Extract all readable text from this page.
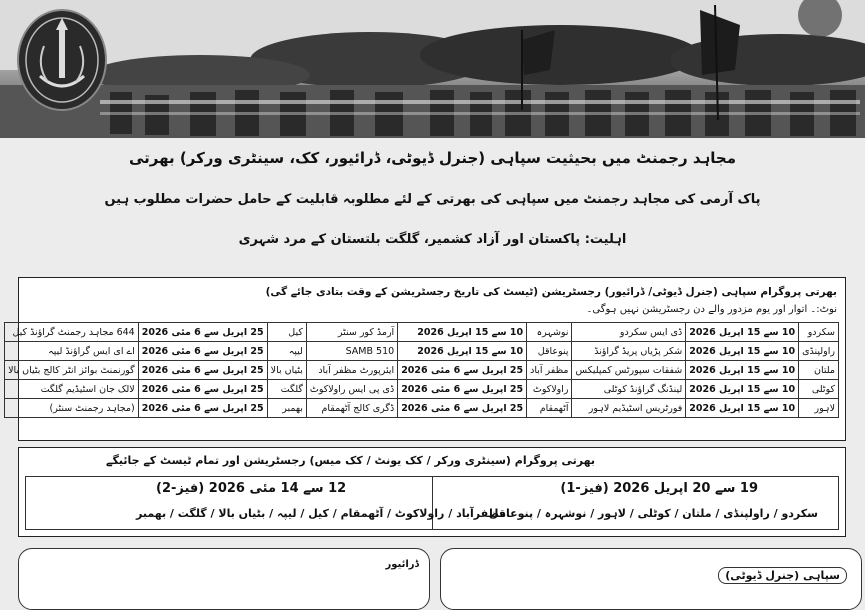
مجاہد رجمنٹ میں بحیثیت سپاہی (جنرل ڈیوٹی، ڈرائیور، کک، سینٹری ورکر) بھرتی
پاک آرمی کی مجاہد رجمنٹ میں سپاہی کی بھرتی کے لئے مطلوبہ قابلیت کے حامل حضرات مطلوب ہیں
اہلیت: پاکستان اور آزاد کشمیر، گلگت بلتستان کے مرد شہری
بھرتی پروگرام سپاہی (جنرل ڈیوٹی/ ڈرائیور) رجسٹریشن (ٹیسٹ کی تاریخ رجسٹریشن کے وقت بتادی جائے گی)
نوٹ:۔ اتوار اور یوم مزدور والے دن رجسٹریشن نہیں ہوگی۔
سکردو	10 سے 15 اپریل 2026	ڈی ایس سکردو	نوشہرہ	10 سے 15 اپریل 2026	آرمڈ کور سنٹر	کیل	25 اپریل سے 6 مئی 2026	644 مجاہد رجمنٹ گراؤنڈ کیل
راولپنڈی	10 سے 15 اپریل 2026	شکر پڑیاں پریڈ گراؤنڈ	پنوعاقل	10 سے 15 اپریل 2026	510 SAMB	لیپہ	25 اپریل سے 6 مئی 2026	اے ای ایس گراؤنڈ لیپہ
ملتان	10 سے 15 اپریل 2026	شفقات سپورٹس کمپلیکس	مظفر آباد	25 اپریل سے 6 مئی 2026	ایئرپورٹ مظفر آباد	بٹیاں بالا	25 اپریل سے 6 مئی 2026	گورنمنٹ بوائز انٹر کالج بٹیاں بالا
کوٹلی	10 سے 15 اپریل 2026	لینڈنگ گراؤنڈ کوٹلی	راولاکوٹ	25 اپریل سے 6 مئی 2026	ڈی پی ایس راولاکوٹ	گلگت	25 اپریل سے 6 مئی 2026	لالک جان اسٹیڈیم گلگت
لاہور	10 سے 15 اپریل 2026	فورٹریس اسٹیڈیم لاہور	آٹھمقام	25 اپریل سے 6 مئی 2026	ڈگری کالج آٹھمقام	بھمبر	25 اپریل سے 6 مئی 2026	(مجاہد رجمنٹ سنٹر)
بھرتی پروگرام (سینٹری ورکر / کک یونٹ / کک میس) رجسٹریشن اور تمام ٹیسٹ کے جائیگے
19 سے 20 اپریل 2026 (فیز-1)
سکردو / راولپنڈی / ملتان / کوٹلی / لاہور / نوشہرہ / پنوعاقل
12 سے 14 مئی 2026 (فیز-2)
مظفرآباد / راولاکوٹ / آٹھمقام / کیل / لیپہ / بٹیاں بالا / گلگت / بھمبر
ڈرائیور
سپاہی (جنرل ڈیوٹی)
